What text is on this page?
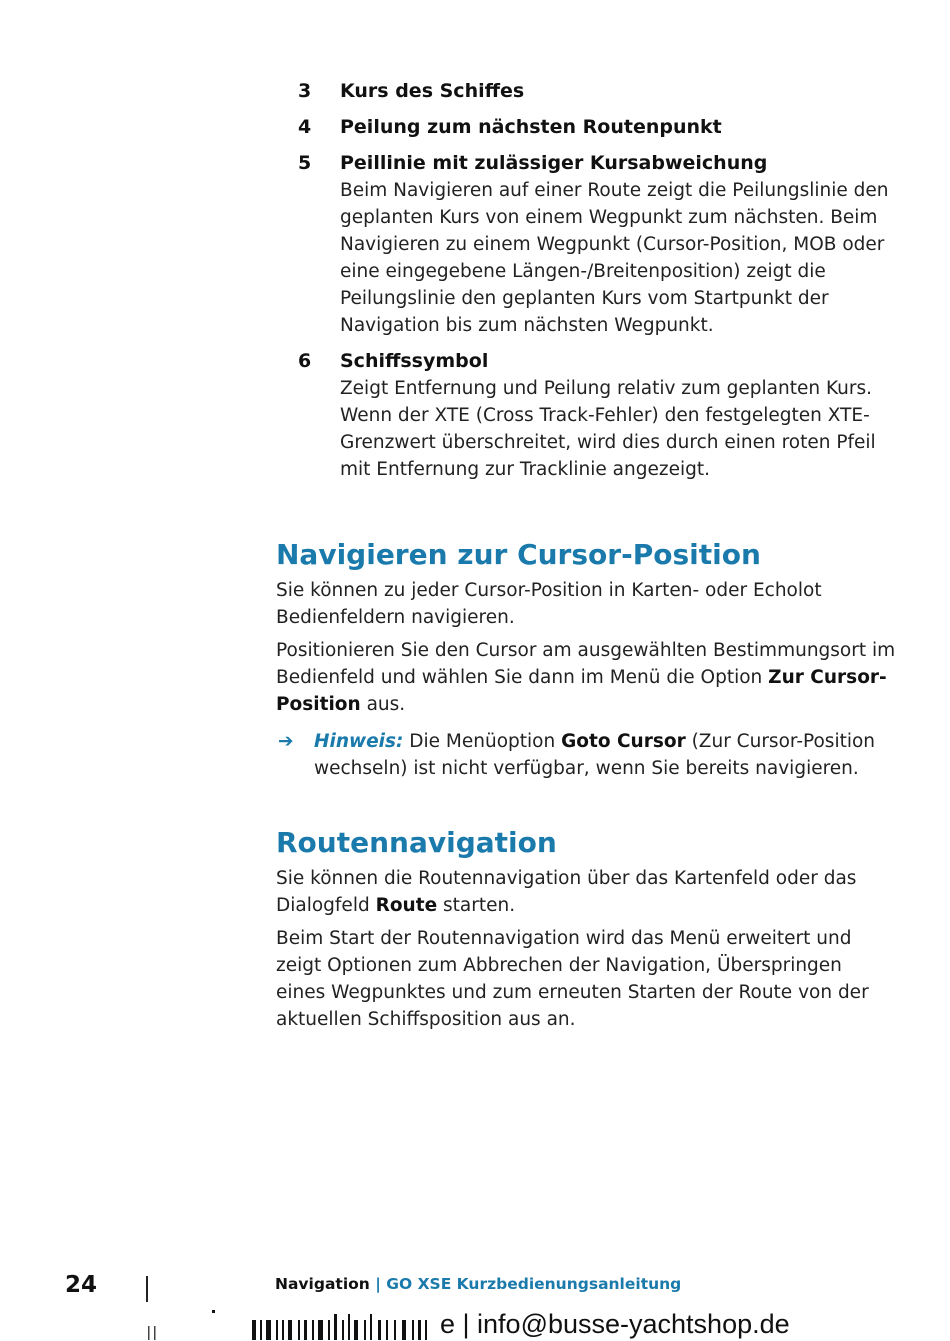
3 Kurs des Schiffes
4 Peilung zum nächsten Routenpunkt
5 Peillinie mit zulässiger Kursabweichung
Beim Navigieren auf einer Route zeigt die Peilungslinie den geplanten Kurs von einem Wegpunkt zum nächsten. Beim Navigieren zu einem Wegpunkt (Cursor-Position, MOB oder eine eingegebene Längen-/Breitenposition) zeigt die Peilungslinie den geplanten Kurs vom Startpunkt der Navigation bis zum nächsten Wegpunkt.
6 Schiffssymbol
Zeigt Entfernung und Peilung relativ zum geplanten Kurs. Wenn der XTE (Cross Track-Fehler) den festgelegten XTE-Grenzwert überschreitet, wird dies durch einen roten Pfeil mit Entfernung zur Tracklinie angezeigt.
Navigieren zur Cursor-Position

Sie können zu jeder Cursor-Position in Karten- oder Echolot Bedienfeldern navigieren.

Positionieren Sie den Cursor am ausgewählten Bestimmungsort im Bedienfeld und wählen Sie dann im Menü die Option Zur Cursor-Position aus.

➔ Hinweis: Die Menüoption Goto Cursor (Zur Cursor-Position wechseln) ist nicht verfügbar, wenn Sie bereits navigieren.
Routennavigation

Sie können die Routennavigation über das Kartenfeld oder das Dialogfeld Route starten.

Beim Start der Routennavigation wird das Menü erweitert und zeigt Optionen zum Abbrechen der Navigation, Überspringen eines Wegpunktes und zum erneuten Starten der Route von der aktuellen Schiffsposition aus an.

24	Navigation | GO XSE Kurzbedienungsanleitung
e | info@busse-yachtshop.de
